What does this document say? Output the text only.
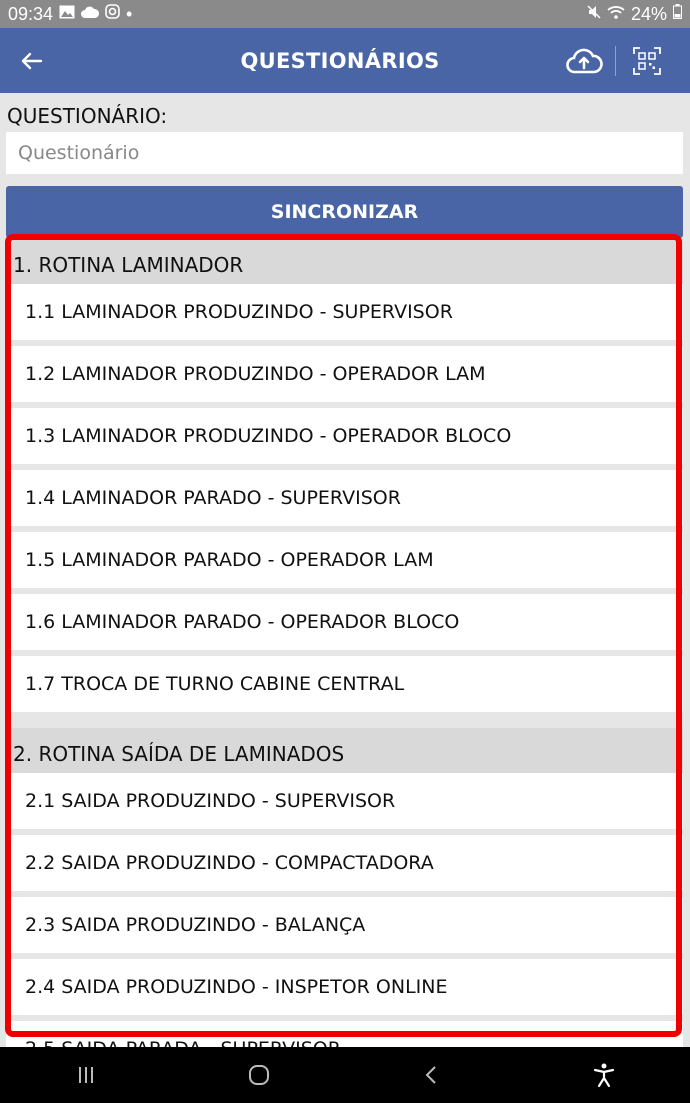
09:34	•	24%
QUESTIONÁRIOS
QUESTIONÁRIO:
Questionário
SINCRONIZAR
1. ROTINA LAMINADOR
1.1 LAMINADOR PRODUZINDO - SUPERVISOR
1.2 LAMINADOR PRODUZINDO - OPERADOR LAM
1.3 LAMINADOR PRODUZINDO - OPERADOR BLOCO
1.4 LAMINADOR PARADO - SUPERVISOR
1.5 LAMINADOR PARADO - OPERADOR LAM
1.6 LAMINADOR PARADO - OPERADOR BLOCO
1.7 TROCA DE TURNO CABINE CENTRAL
2. ROTINA SAÍDA DE LAMINADOS
2.1 SAIDA PRODUZINDO - SUPERVISOR
2.2 SAIDA PRODUZINDO - COMPACTADORA
2.3 SAIDA PRODUZINDO - BALANÇA
2.4 SAIDA PRODUZINDO - INSPETOR ONLINE
